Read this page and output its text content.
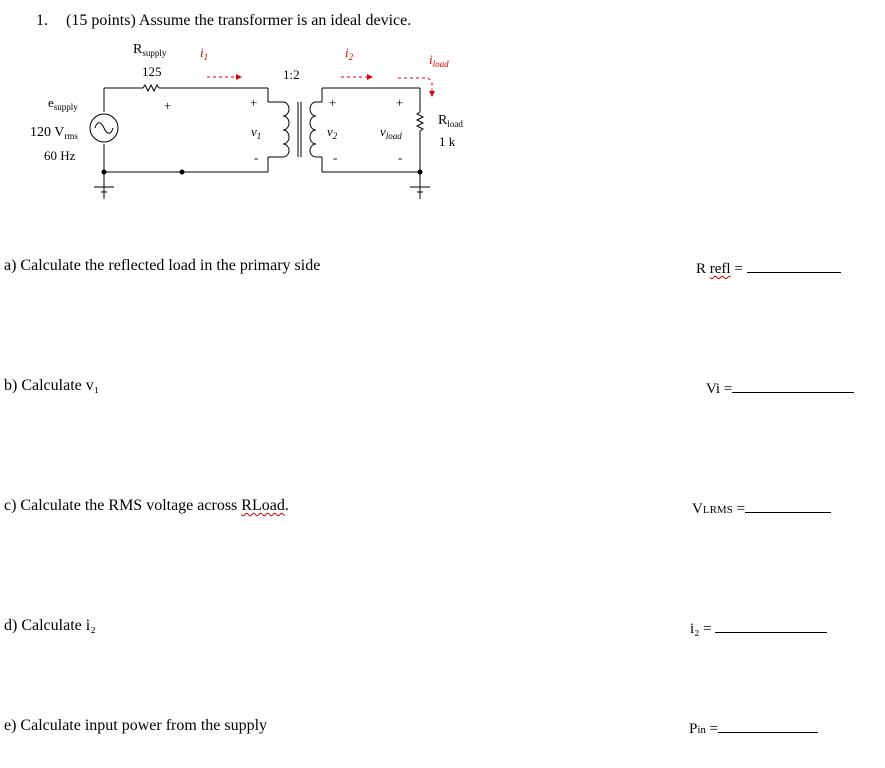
1. (15 points) Assume the transformer is an ideal device.
$R_{supply}$
125
$i_1$
1:2
$i_2$	$i_{load}$
$e_{supply}$
120 $V_{rms}$
60 Hz
+	+
$v_1$
-
+
$v_2$
-
+
$v_{load}$
-
$R_{load}$
1 k
a) Calculate the reflected load in the primary side	R refl =
b) Calculate v₁	Vi =
c) Calculate the RMS voltage across RLoad.	VLRMS =
d) Calculate i₂	i₂ =
e) Calculate input power from the supply	Pin =
